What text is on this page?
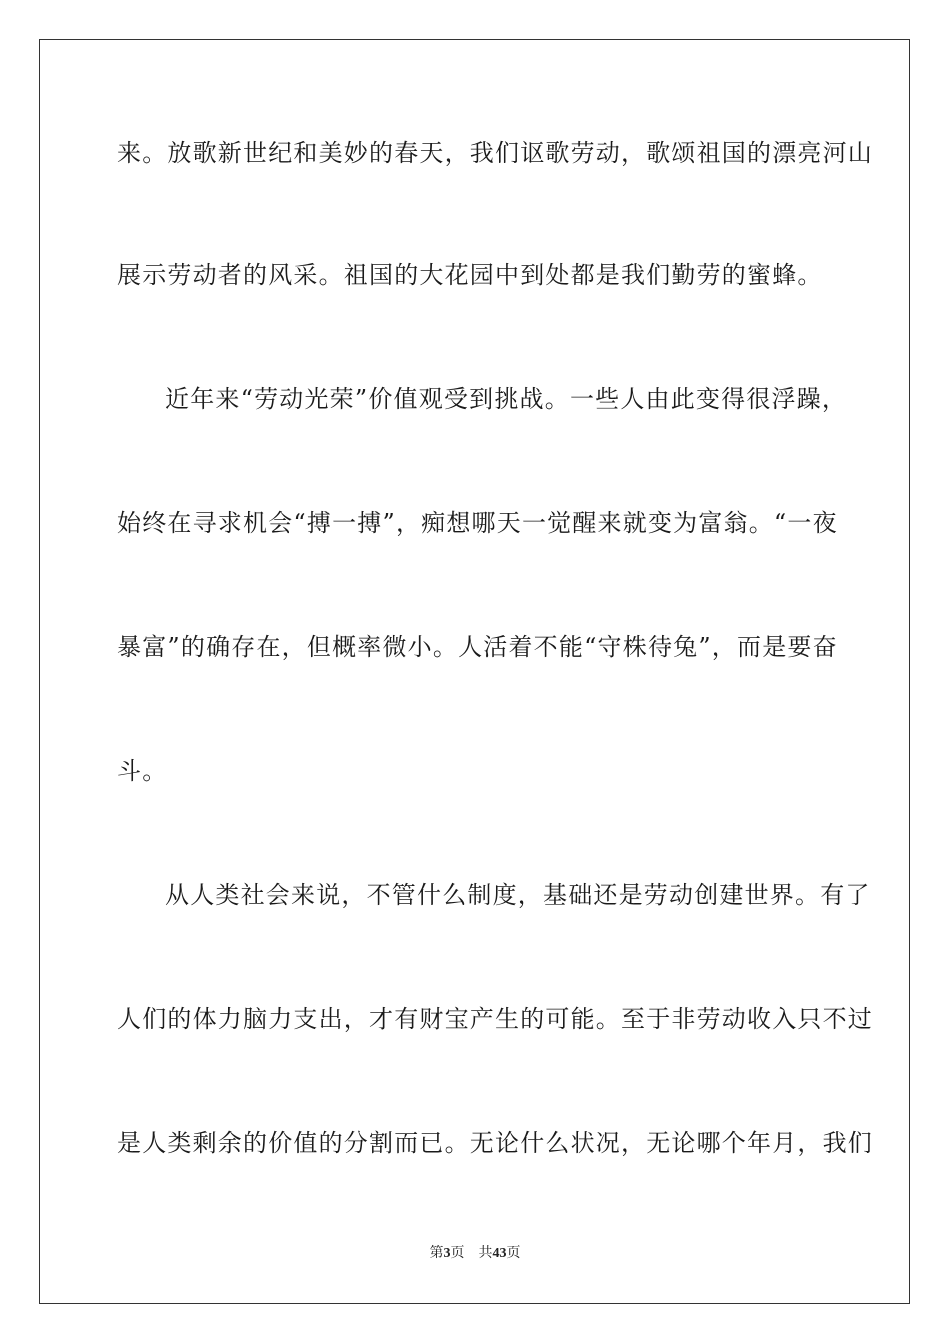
来。放歌新世纪和美妙的春天，我们讴歌劳动，歌颂祖国的漂亮河山
展示劳动者的风采。祖国的大花园中到处都是我们勤劳的蜜蜂。
近年来“劳动光荣”价值观受到挑战。一些人由此变得很浮躁，
始终在寻求机会“搏一搏”，痴想哪天一觉醒来就变为富翁。“一夜
暴富”的确存在，但概率微小。人活着不能“守株待兔”，而是要奋
斗。
从人类社会来说，不管什么制度，基础还是劳动创建世界。有了
人们的体力脑力支出，才有财宝产生的可能。至于非劳动收入只不过
是人类剩余的价值的分割而已。无论什么状况，无论哪个年月，我们
第3页 共43页
